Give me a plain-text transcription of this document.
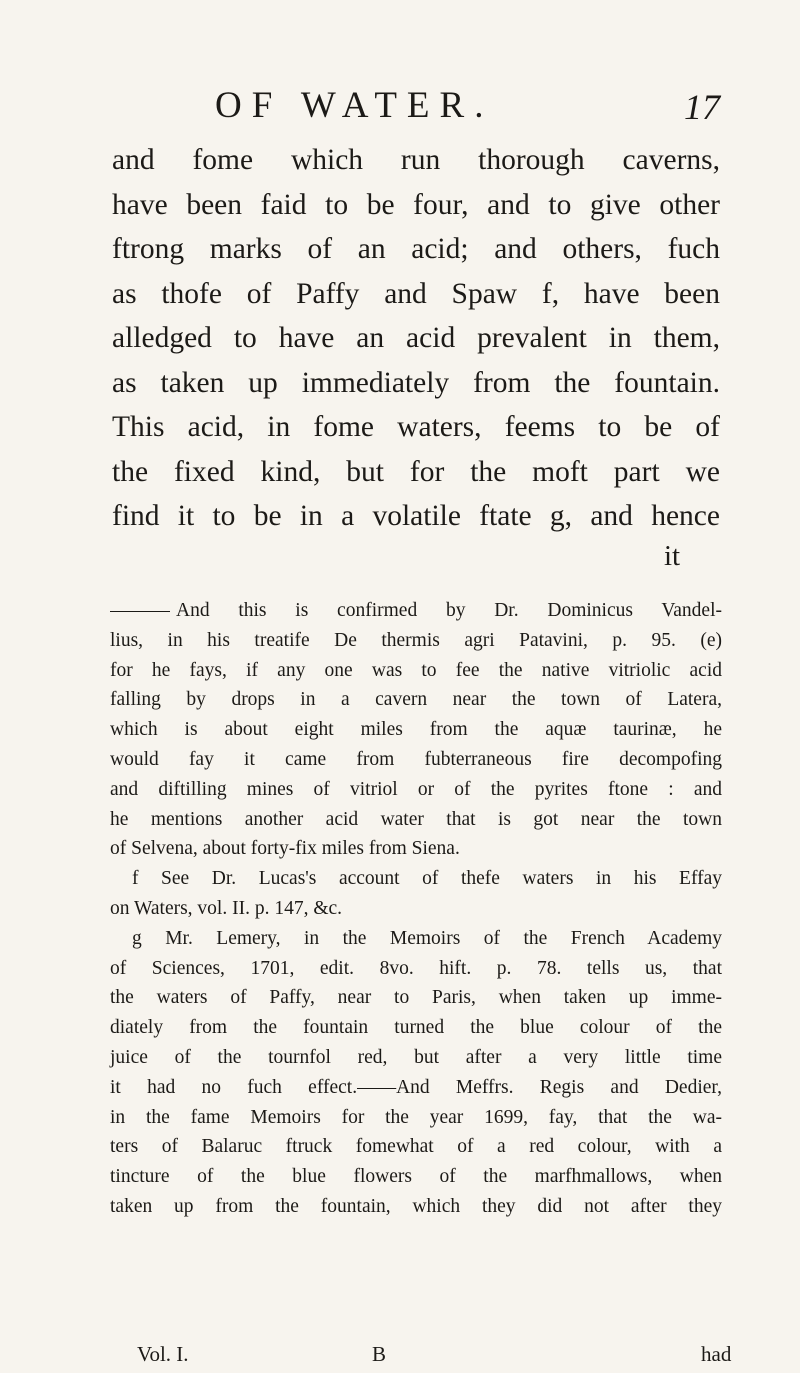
OF WATER.	17
and fome which run thorough caverns,
have been faid to be four, and to give other
ftrong marks of an acid; and others, fuch
as thofe of Paffy and Spaw f, have been
alledged to have an acid prevalent in them,
as taken up immediately from the fountain.
This acid, in fome waters, feems to be of
the fixed kind, but for the moft part we
find it to be in a volatile ftate g, and hence
it
And this is confirmed by Dr. Dominicus Vandel-
lius, in his treatife De thermis agri Patavini, p. 95. (e)
for he fays, if any one was to fee the native vitriolic acid
falling by drops in a cavern near the town of Latera,
which is about eight miles from the aquæ taurinæ, he
would fay it came from fubterraneous fire decompofing
and diftilling mines of vitriol or of the pyrites ftone : and
he mentions another acid water that is got near the town
of Selvena, about forty-fix miles from Siena.
f See Dr. Lucas's account of thefe waters in his Effay
on Waters, vol. II. p. 147, &c.
g Mr. Lemery, in the Memoirs of the French Academy
of Sciences, 1701, edit. 8vo. hift. p. 78. tells us, that
the waters of Paffy, near to Paris, when taken up imme-
diately from the fountain turned the blue colour of the
juice of the tournfol red, but after a very little time
it had no fuch effect.——And Meffrs. Regis and Dedier,
in the fame Memoirs for the year 1699, fay, that the wa-
ters of Balaruc ftruck fomewhat of a red colour, with a
tincture of the blue flowers of the marfhmallows, when
taken up from the fountain, which they did not after they
Vol. I.	B	had
